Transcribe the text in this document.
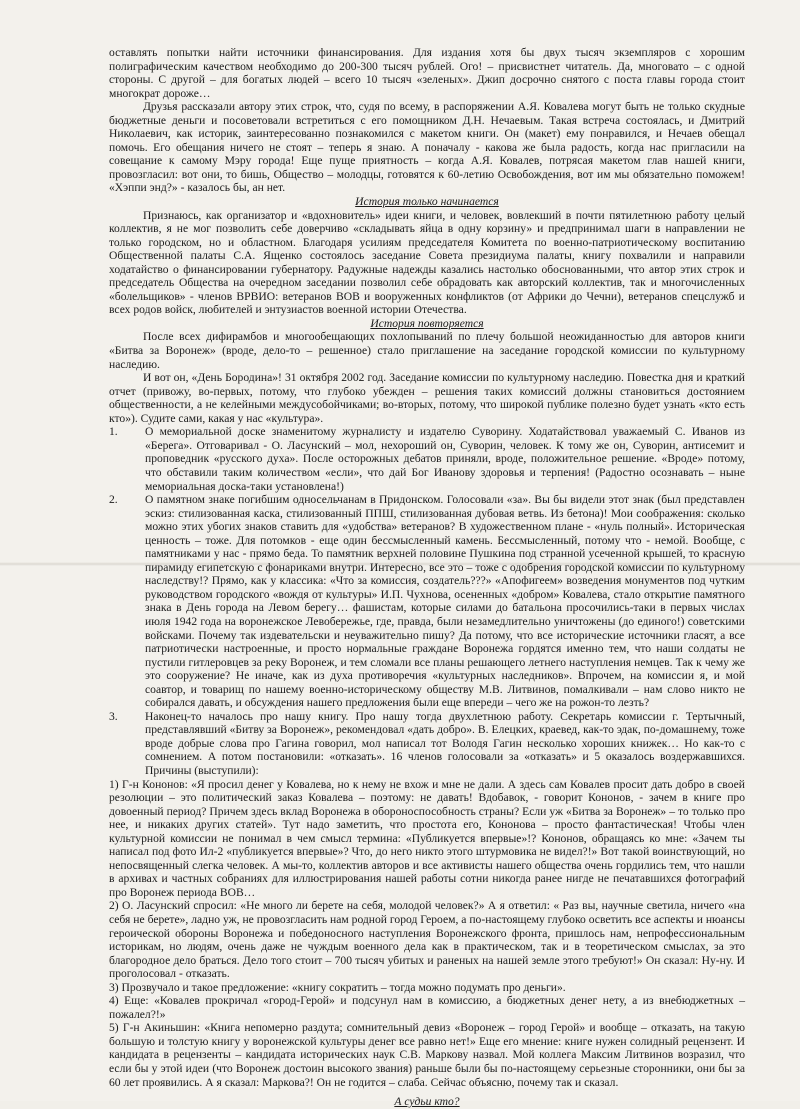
оставлять попытки найти источники финансирования. Для издания хотя бы двух тысяч экземпляров с хорошим полиграфическим качеством необходимо до 200-300 тысяч рублей. Ого! – присвистнет читатель. Да, многовато – с одной стороны. С другой – для богатых людей – всего 10 тысяч «зеленых». Джип досрочно снятого с поста главы города стоит многократ дороже…

Друзья рассказали автору этих строк, что, судя по всему, в распоряжении А.Я. Ковалева могут быть не только скудные бюджетные деньги и посоветовали встретиться с его помощником Д.Н. Нечаевым. Такая встреча состоялась, и Дмитрий Николаевич, как историк, заинтересованно познакомился с макетом книги. Он (макет) ему понравился, и Нечаев обещал помочь. Его обещания ничего не стоят – теперь я знаю. А поначалу - какова же была радость, когда нас пригласили на совещание к самому Мэру города! Еще пуще приятность – когда А.Я. Ковалев, потрясая макетом глав нашей книги, провозгласил: вот они, то бишь, Общество – молодцы, готовятся к 60-летию Освобождения, вот им мы обязательно поможем! «Хэппи энд?» - казалось бы, ан нет.

История только начинается

Признаюсь, как организатор и «вдохновитель» идеи книги, и человек, вовлекший в почти пятилетнюю работу целый коллектив, я не мог позволить себе доверчиво «складывать яйца в одну корзину» и предпринимал шаги в направлении не только городском, но и областном. Благодаря усилиям председателя Комитета по военно-патриотическому воспитанию Общественной палаты С.А. Ященко состоялось заседание Совета президиума палаты, книгу похвалили и направили ходатайство о финансировании губернатору. Радужные надежды казались настолько обоснованными, что автор этих строк и председатель Общества на очередном заседании позволил себе обрадовать как авторский коллектив, так и многочисленных «болельщиков» - членов ВРВИО: ветеранов ВОВ и вооруженных конфликтов (от Африки до Чечни), ветеранов спецслужб и всех родов войск, любителей и энтузиастов военной истории Отечества.

История повторяется

После всех дифирамбов и многообещающих похлопываний по плечу большой неожиданностью для авторов книги «Битва за Воронеж» (вроде, дело-то – решенное) стало приглашение на заседание городской комиссии по культурному наследию.

И вот он, «День Бородина»! 31 октября 2002 год. Заседание комиссии по культурному наследию. Повестка дня и краткий отчет (привожу, во-первых, потому, что глубоко убежден – решения таких комиссий должны становиться достоянием общественности, а не келейными междусобойчиками; во-вторых, потому, что широкой публике полезно будет узнать «кто есть кто»). Судите сами, какая у нас «культура».

1.	О мемориальной доске знаменитому журналисту и издателю Суворину. Ходатайствовал уважаемый С. Иванов из «Берега». Отговаривал - О. Ласунский – мол, нехороший он, Суворин, человек. К тому же он, Суворин, антисемит и проповедник «русского духа». После осторожных дебатов приняли, вроде, положительное решение. «Вроде» потому, что обставили таким количеством «если», что дай Бог Иванову здоровья и терпения! (Радостно осознавать – ныне мемориальная доска-таки установлена!)
2.	О памятном знаке погибшим односельчанам в Придонском. Голосовали «за». Вы бы видели этот знак (был представлен эскиз: стилизованная каска, стилизованный ППШ, стилизованная дубовая ветвь. Из бетона)! Мои соображения: сколько можно этих убогих знаков ставить для «удобства» ветеранов? В художественном плане - «нуль полный». Историческая ценность – тоже. Для потомков - еще один бессмысленный камень. Бессмысленный, потому что - немой. Вообще, с памятниками у нас - прямо беда. То памятник верхней половине Пушкина под странной усеченной крышей, то красную пирамиду египетскую с фонариками внутри. Интересно, все это – тоже с одобрения городской комиссии по культурному наследству!? Прямо, как у классика: «Что за комиссия, создатель???» «Апофигеем» возведения монументов под чутким руководством городского «вождя от культуры» И.П. Чухнова, осененных «добром» Ковалева, стало открытие памятного знака в День города на Левом берегу… фашистам, которые силами до батальона просочились-таки в первых числах июля 1942 года на воронежское Левобережье, где, правда, были незамедлительно уничтожены (до единого!) советскими войсками. Почему так издевательски и неуважительно пишу? Да потому, что все исторические источники гласят, а все патриотически настроенные, и просто нормальные граждане Воронежа гордятся именно тем, что наши солдаты не пустили гитлеровцев за реку Воронеж, и тем сломали все планы решающего летнего наступления немцев. Так к чему же это сооружение? Не иначе, как из духа противоречия «культурных наследников». Впрочем, на комиссии я, и мой соавтор, и товарищ по нашему военно-историческому обществу М.В. Литвинов, помалкивали – нам слово никто не собирался давать, и обсуждения нашего предложения были еще впереди – чего же на рожон-то лезть?
3.	Наконец-то началось про нашу книгу. Про нашу тогда двухлетнюю работу. Секретарь комиссии г. Тертычный, представлявший «Битву за Воронеж», рекомендовал «дать добро». В. Елецких, краевед, как-то эдак, по-домашнему, тоже вроде добрые слова про Гагина говорил, мол написал тот Володя Гагин несколько хороших книжек… Но как-то с сомнением. А потом постановили: «отказать». 16 членов голосовали за «отказать» и 5 оказалось воздержавшихся. Причины (выступили):

1) Г-н Кононов: «Я просил денег у Ковалева, но к нему не вхож и мне не дали. А здесь сам Ковалев просит дать добро в своей резолюции – это политический заказ Ковалева – поэтому: не давать! Вдобавок, - говорит Кононов, - зачем в книге про довоенный период? Причем здесь вклад Воронежа в обороноспособность страны? Если уж «Битва за Воронеж» – то только про нее, и никаких других статей». Тут надо заметить, что простота его, Кононова – просто фантастическая! Чтобы член культурной комиссии не понимал в чем смысл термина: «Публикуется впервые»!? Кононов, обращаясь ко мне: «Зачем ты написал под фото Ил-2 «публикуется впервые»? Что, до него никто этого штурмовика не видел?!» Вот такой воинствующий, но непосвященный слегка человек. А мы-то, коллектив авторов и все активисты нашего общества очень гордились тем, что нашли в архивах и частных собраниях для иллюстрирования нашей работы сотни никогда ранее нигде не печатавшихся фотографий про Воронеж периода ВОВ…

2) О. Ласунский спросил: «Не много ли берете на себя, молодой человек?» А я ответил: « Раз вы, научные светила, ничего «на себя не берете», ладно уж, не провозгласить нам родной город Героем, а по-настоящему глубоко осветить все аспекты и нюансы героической обороны Воронежа и победоносного наступления Воронежского фронта, пришлось нам, непрофессиональным историкам, но людям, очень даже не чуждым военного дела как в практическом, так и в теоретическом смыслах, за это благородное дело браться. Дело того стоит – 700 тысяч убитых и раненых на нашей земле этого требуют!» Он сказал: Ну-ну. И проголосовал - отказать.

3) Прозвучало и такое предложение: «книгу сократить – тогда можно подумать про деньги».

4) Еще: «Ковалев прокричал «город-Герой» и подсунул нам в комиссию, а бюджетных денег нету, а из внебюджетных – пожалел?!»

5) Г-н Акиньшин: «Книга непомерно раздута; сомнительный девиз «Воронеж – город Герой» и вообще – отказать, на такую большую и толстую книгу у воронежской культуры денег все равно нет!» Еще его мнение: книге нужен солидный рецензент. И кандидата в рецензенты – кандидата исторических наук С.В. Маркову назвал. Мой коллега Максим Литвинов возразил, что если бы у этой идеи (что Воронеж достоин высокого звания) раньше были бы по-настоящему серьезные сторонники, они бы за 60 лет проявились. А я сказал: Маркова?! Он не годится – слаба. Сейчас объясню, почему так и сказал.

А судьи кто?
